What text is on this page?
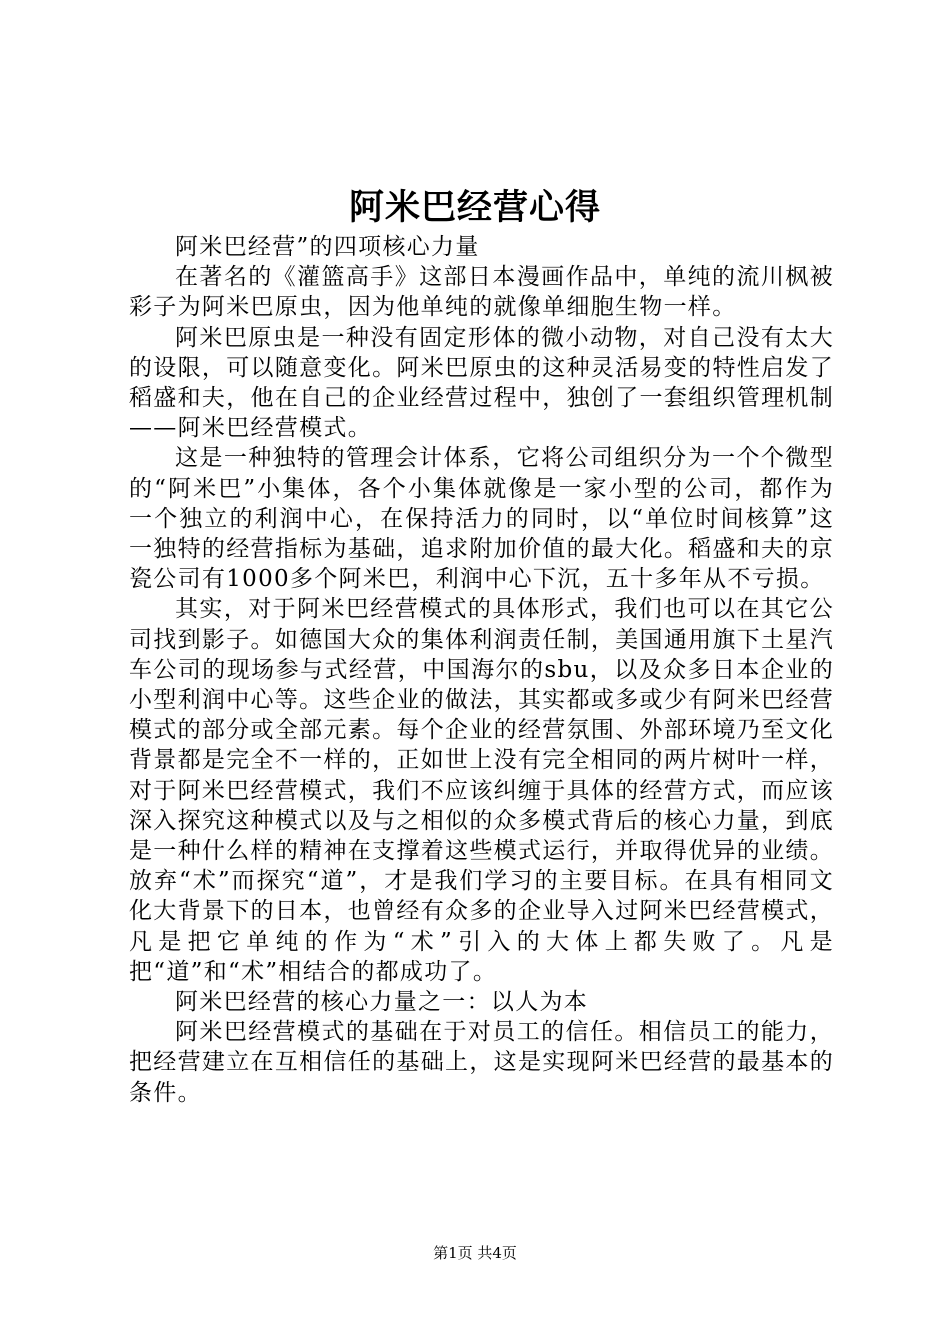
阿米巴经营心得

阿米巴经营”的四项核心力量

在著名的《灌篮高手》这部日本漫画作品中，单纯的流川枫被彩子为阿米巴原虫，因为他单纯的就像单细胞生物一样。

阿米巴原虫是一种没有固定形体的微小动物，对自己没有太大的设限，可以随意变化。阿米巴原虫的这种灵活易变的特性启发了稻盛和夫，他在自己的企业经营过程中，独创了一套组织管理机制——阿米巴经营模式。

这是一种独特的管理会计体系，它将公司组织分为一个个微型的“阿米巴”小集体，各个小集体就像是一家小型的公司，都作为一个独立的利润中心，在保持活力的同时，以“单位时间核算”这一独特的经营指标为基础，追求附加价值的最大化。稻盛和夫的京瓷公司有1000多个阿米巴，利润中心下沉，五十多年从不亏损。

其实，对于阿米巴经营模式的具体形式，我们也可以在其它公司找到影子。如德国大众的集体利润责任制，美国通用旗下土星汽车公司的现场参与式经营，中国海尔的sbu，以及众多日本企业的小型利润中心等。这些企业的做法，其实都或多或少有阿米巴经营模式的部分或全部元素。每个企业的经营氛围、外部环境乃至文化背景都是完全不一样的，正如世上没有完全相同的两片树叶一样，对于阿米巴经营模式，我们不应该纠缠于具体的经营方式，而应该深入探究这种模式以及与之相似的众多模式背后的核心力量，到底是一种什么样的精神在支撑着这些模式运行，并取得优异的业绩。放弃“术”而探究“道”，才是我们学习的主要目标。在具有相同文化大背景下的日本，也曾经有众多的企业导入过阿米巴经营模式，凡是把它单纯的作为“术”引入的大体上都失败了。凡是把“道”和“术”相结合的都成功了。

阿米巴经营的核心力量之一：以人为本

阿米巴经营模式的基础在于对员工的信任。相信员工的能力，把经营建立在互相信任的基础上，这是实现阿米巴经营的最基本的条件。

第1页 共4页
